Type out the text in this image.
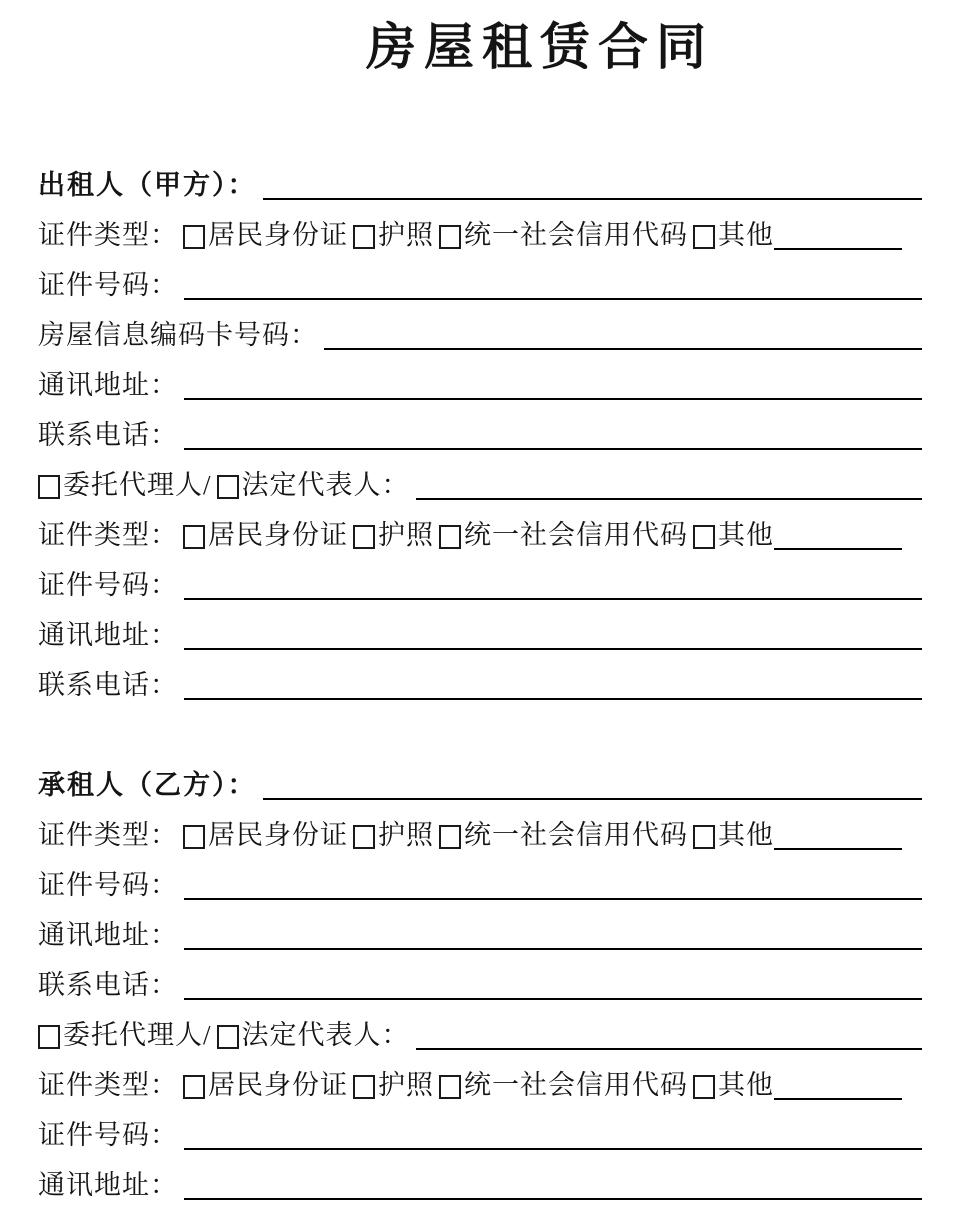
房屋租赁合同
出租人（甲方）：
证件类型： 居民身份证 护照 统一社会信用代码 其他
证件号码：
房屋信息编码卡号码：
通讯地址：
联系电话：
委托代理人 / 法定代表人：
证件类型： 居民身份证 护照 统一社会信用代码 其他
证件号码：
通讯地址：
联系电话：
承租人（乙方）：
证件类型： 居民身份证 护照 统一社会信用代码 其他
证件号码：
通讯地址：
联系电话：
委托代理人 / 法定代表人：
证件类型： 居民身份证 护照 统一社会信用代码 其他
证件号码：
通讯地址：
